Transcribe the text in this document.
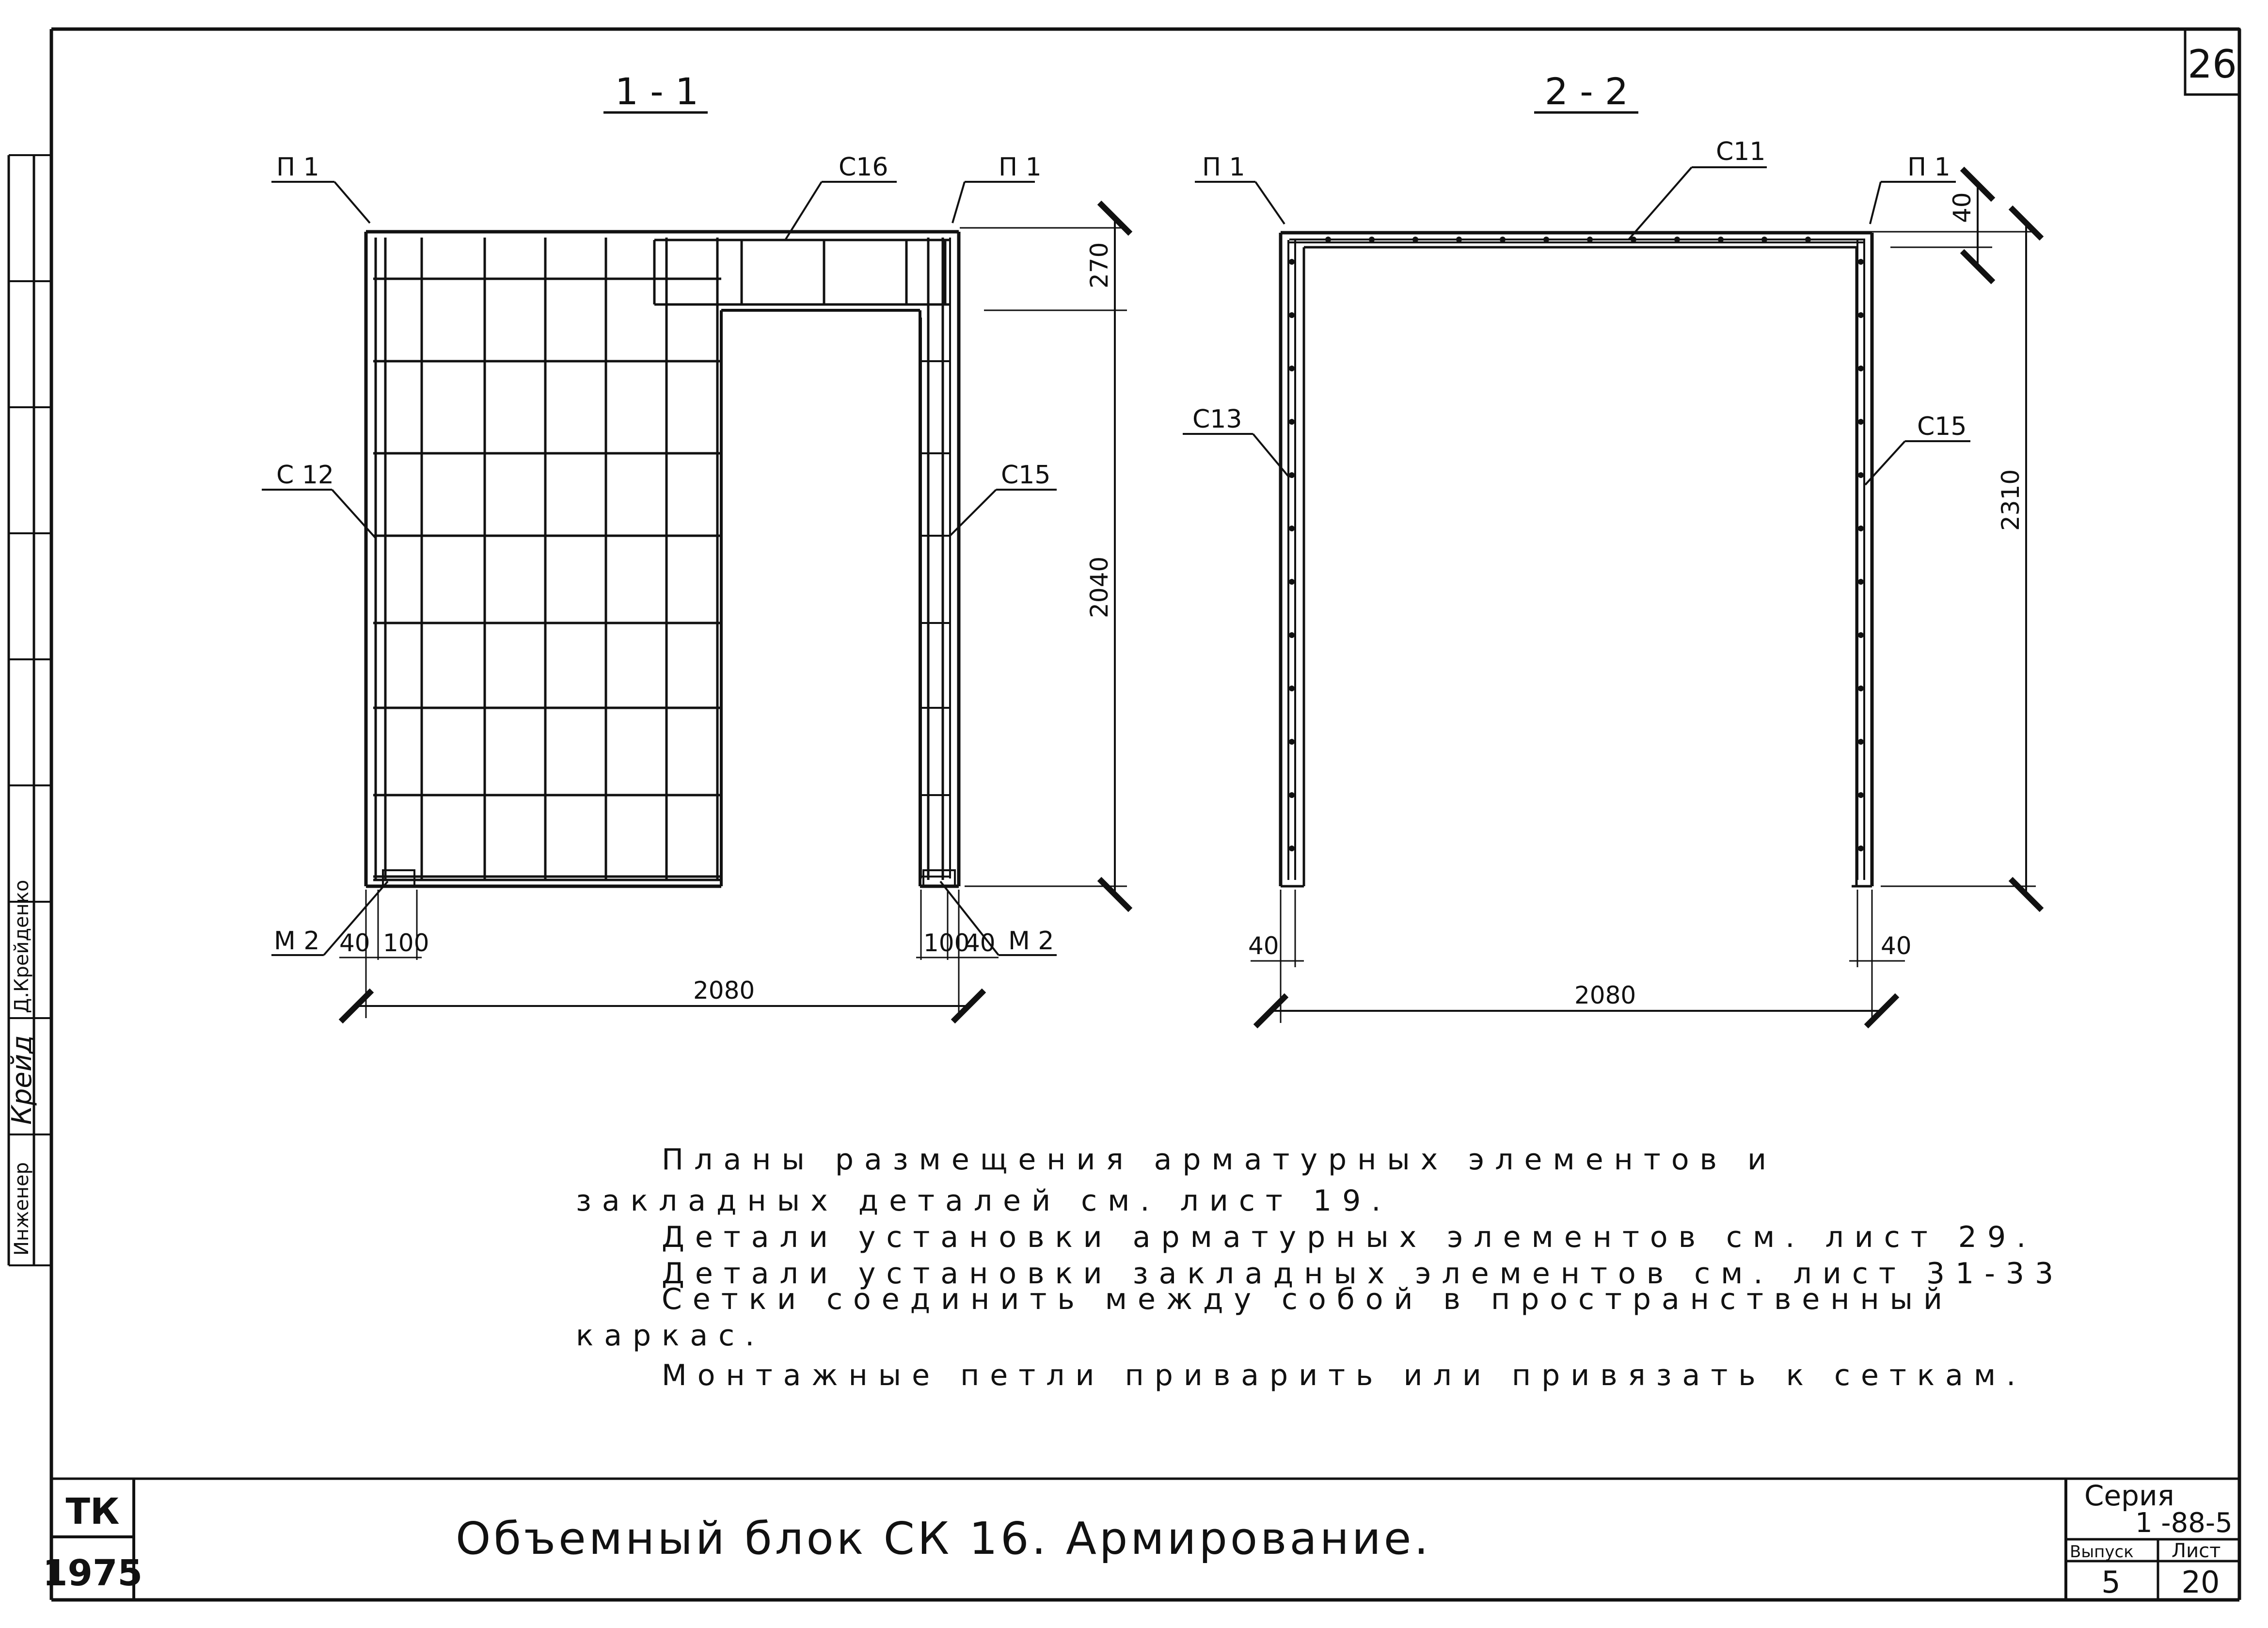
26
Инженер
Крейд
Д.Крейденко
1 - 1
П 1	П 1
С16
С 12	С15
М 2	М 2
270
2040
2080
40 100	100
40
2 - 2
П 1	П 1
С11
С13	С15
2310
40
2080
40	40
Планы размещения арматурных элементов и
закладных деталей см. лист 19.
Детали установки арматурных элементов см. лист 29.
Детали установки закладных элементов см. лист 31-33
Сетки соединить между собой в пространственный
каркас.
Монтажные петли приварить или привязать к сеткам.
ТК
1975
Объемный блок СК 16. Армирование.
Серия
1 -88-5
Выпуск Лист
5 20
